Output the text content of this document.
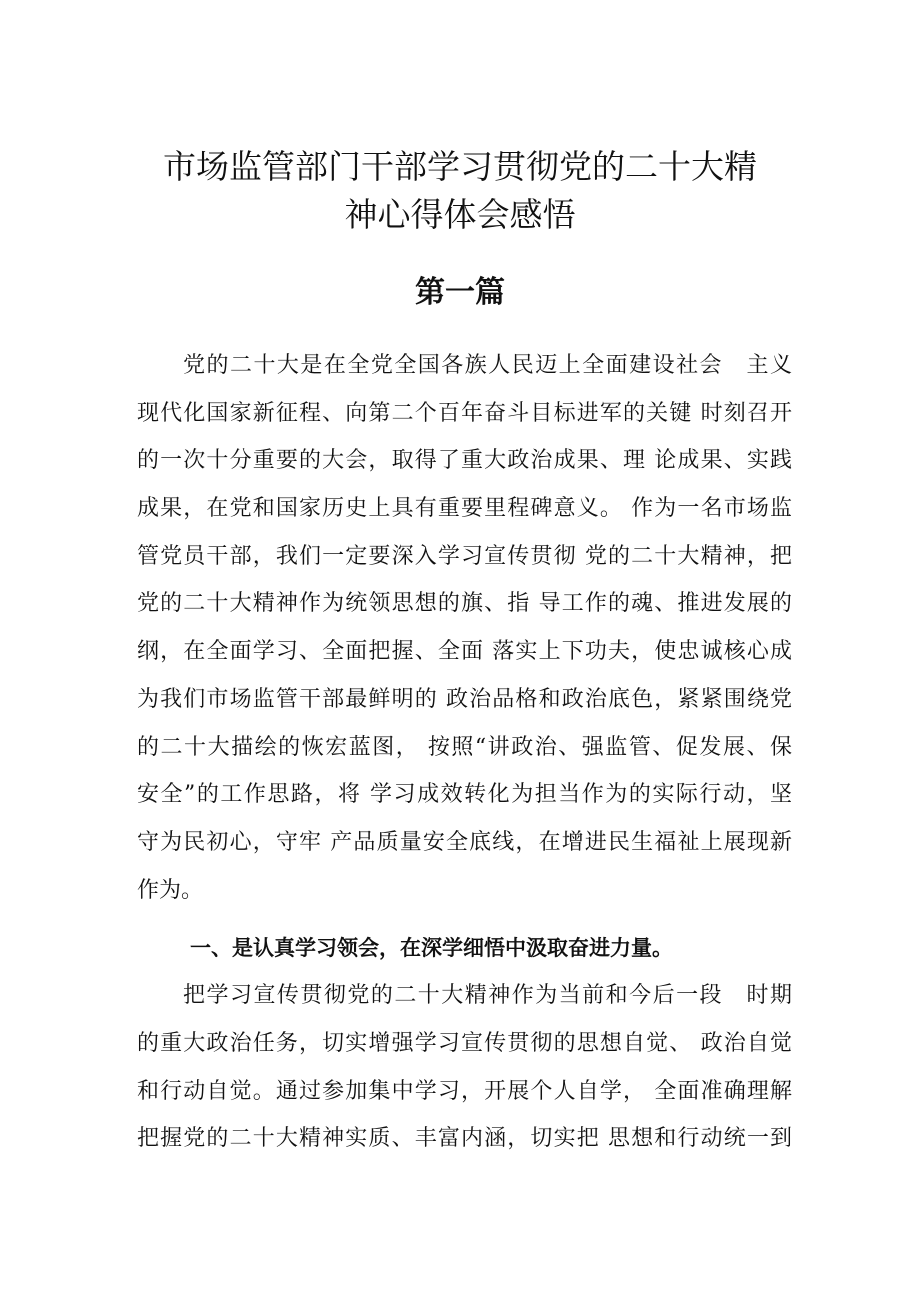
市场监管部门干部学习贯彻党的二十大精
神心得体会感悟
第一篇
党的二十大是在全党全国各族人民迈上全面建设社会　主义
现代化国家新征程、向第二个百年奋斗目标进军的关键 时刻召开
的一次十分重要的大会，取得了重大政治成果、理 论成果、实践
成果，在党和国家历史上具有重要里程碑意义。 作为一名市场监
管党员干部，我们一定要深入学习宣传贯彻 党的二十大精神，把
党的二十大精神作为统领思想的旗、指 导工作的魂、推进发展的
纲，在全面学习、全面把握、全面 落实上下功夫，使忠诚核心成
为我们市场监管干部最鲜明的 政治品格和政治底色，紧紧围绕党
的二十大描绘的恢宏蓝图， 按照“讲政治、强监管、促发展、保
安全”的工作思路，将 学习成效转化为担当作为的实际行动，坚
守为民初心，守牢 产品质量安全底线，在增进民生福祉上展现新
作为。
一、是认真学习领会，在深学细悟中汲取奋进力量。
把学习宣传贯彻党的二十大精神作为当前和今后一段　时期
的重大政治任务，切实增强学习宣传贯彻的思想自觉、 政治自觉
和行动自觉。通过参加集中学习，开展个人自学， 全面准确理解
把握党的二十大精神实质、丰富内涵，切实把 思想和行动统一到
